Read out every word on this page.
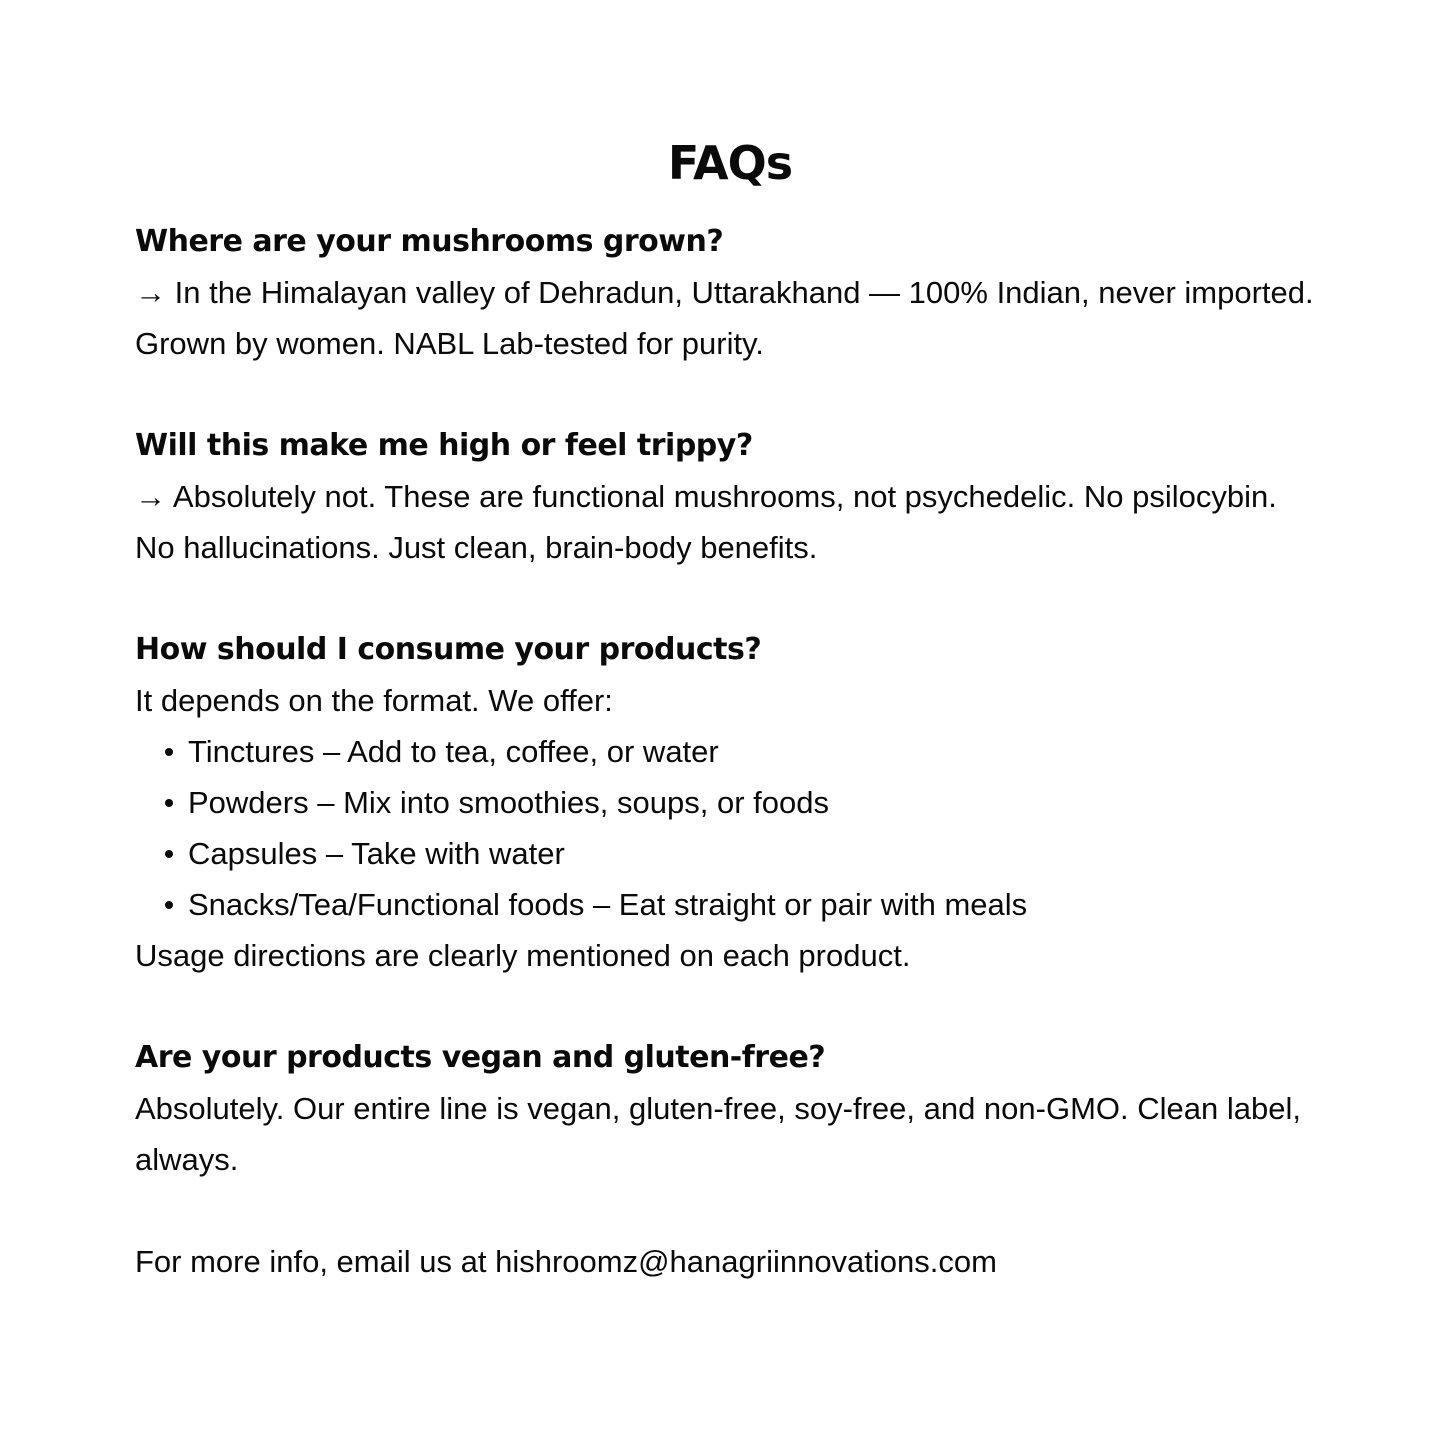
FAQs

Where are your mushrooms grown?

→ In the Himalayan valley of Dehradun, Uttarakhand — 100% Indian, never imported. Grown by women. NABL Lab-tested for purity.

Will this make me high or feel trippy?

→ Absolutely not. These are functional mushrooms, not psychedelic. No psilocybin. No hallucinations. Just clean, brain-body benefits.

How should I consume your products?

It depends on the format. We offer:

Tinctures – Add to tea, coffee, or water
Powders – Mix into smoothies, soups, or foods
Capsules – Take with water
Snacks/Tea/Functional foods – Eat straight or pair with meals

Usage directions are clearly mentioned on each product.

Are your products vegan and gluten-free?

Absolutely. Our entire line is vegan, gluten-free, soy-free, and non-GMO. Clean label, always.

For more info, email us at hishroomz@hanagriinnovations.com
